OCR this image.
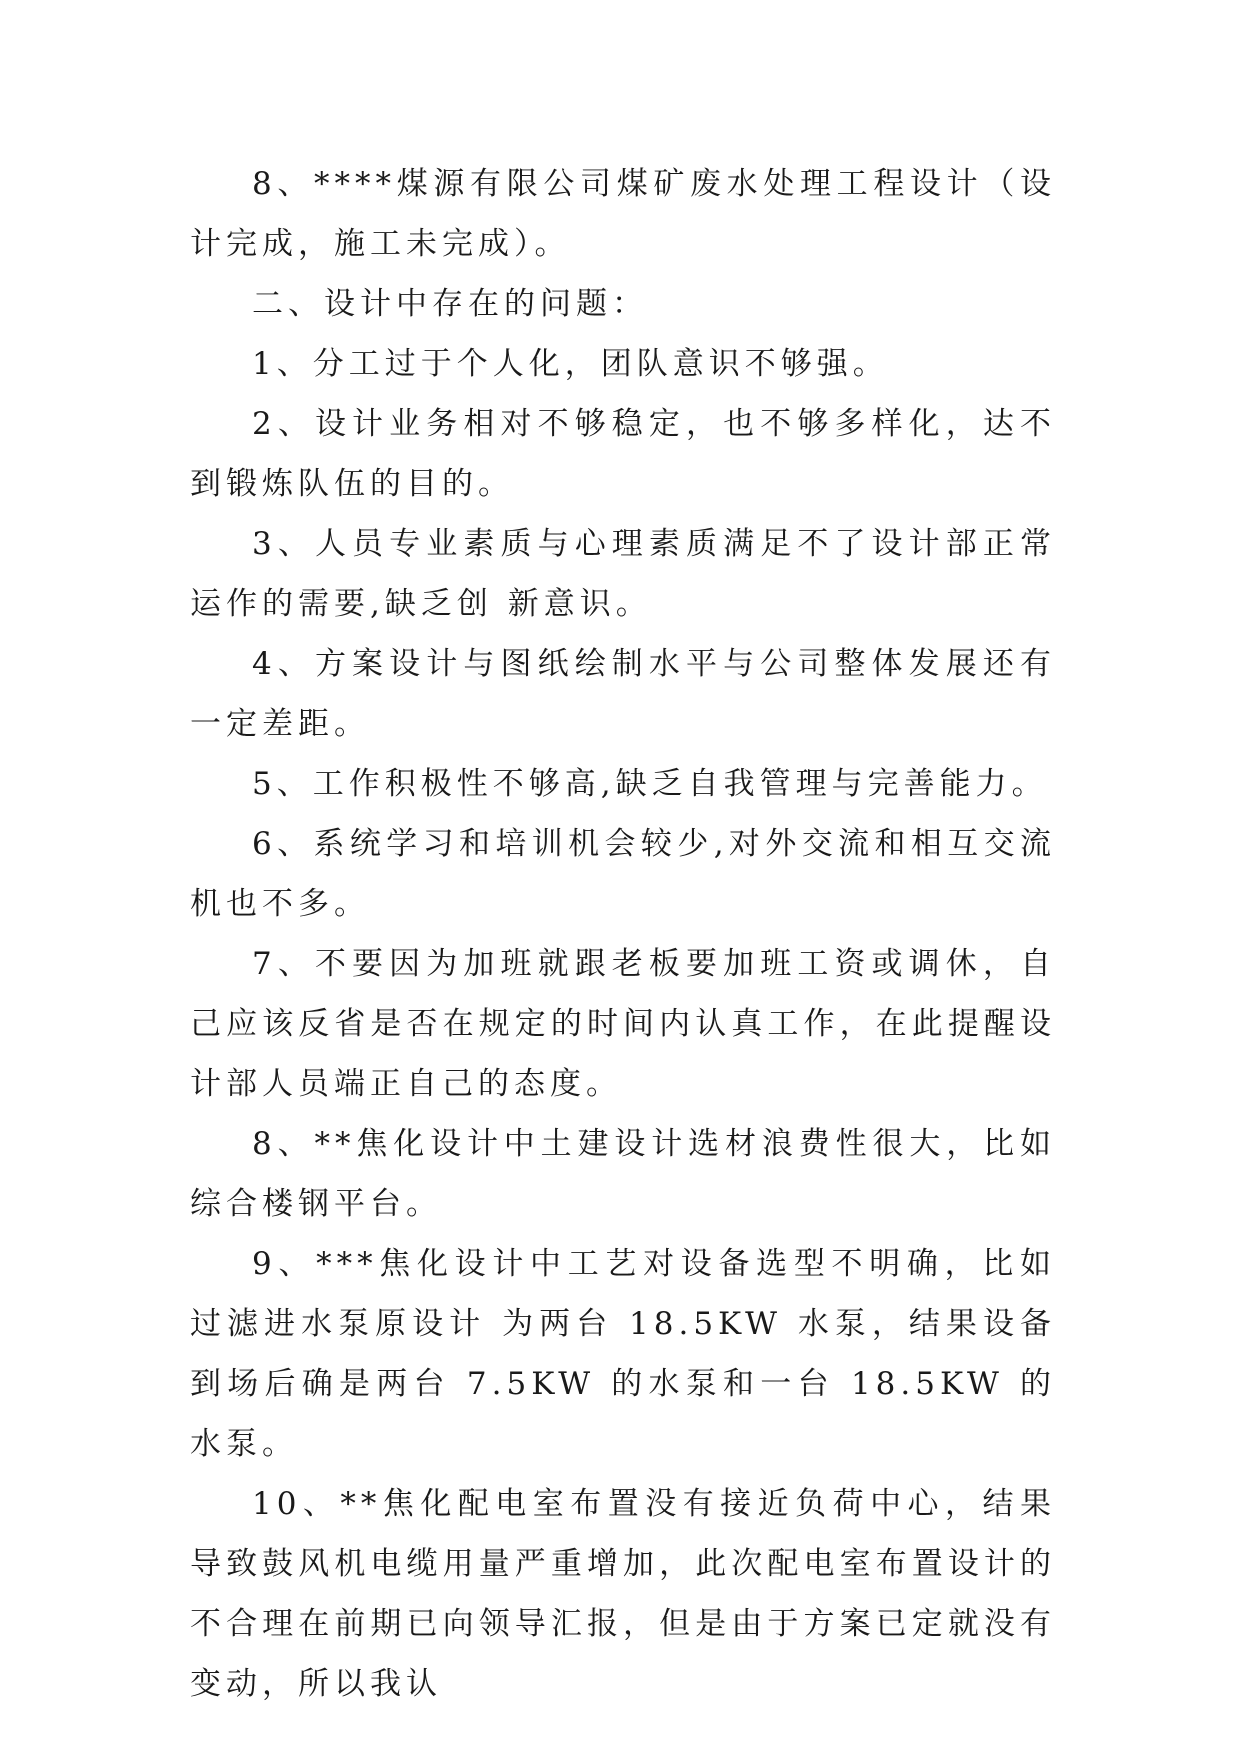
8、****煤源有限公司煤矿废水处理工程设计（设计完成，施工未完成）。

二、设计中存在的问题：

1、分工过于个人化，团队意识不够强。

2、设计业务相对不够稳定，也不够多样化，达不到锻炼队伍的目的。

3、人员专业素质与心理素质满足不了设计部正常运作的需要,缺乏创 新意识。

4、方案设计与图纸绘制水平与公司整体发展还有一定差距。

5、工作积极性不够高,缺乏自我管理与完善能力。

6、系统学习和培训机会较少,对外交流和相互交流机也不多。

7、不要因为加班就跟老板要加班工资或调休，自己应该反省是否在规定的时间内认真工作，在此提醒设计部人员端正自己的态度。

8、**焦化设计中土建设计选材浪费性很大，比如综合楼钢平台。

9、***焦化设计中工艺对设备选型不明确，比如过滤进水泵原设计 为两台 18.5KW 水泵，结果设备到场后确是两台 7.5KW 的水泵和一台 18.5KW 的水泵。

10、**焦化配电室布置没有接近负荷中心，结果导致鼓风机电缆用量严重增加，此次配电室布置设计的不合理在前期已向领导汇报，但是由于方案已定就没有变动，所以我认
